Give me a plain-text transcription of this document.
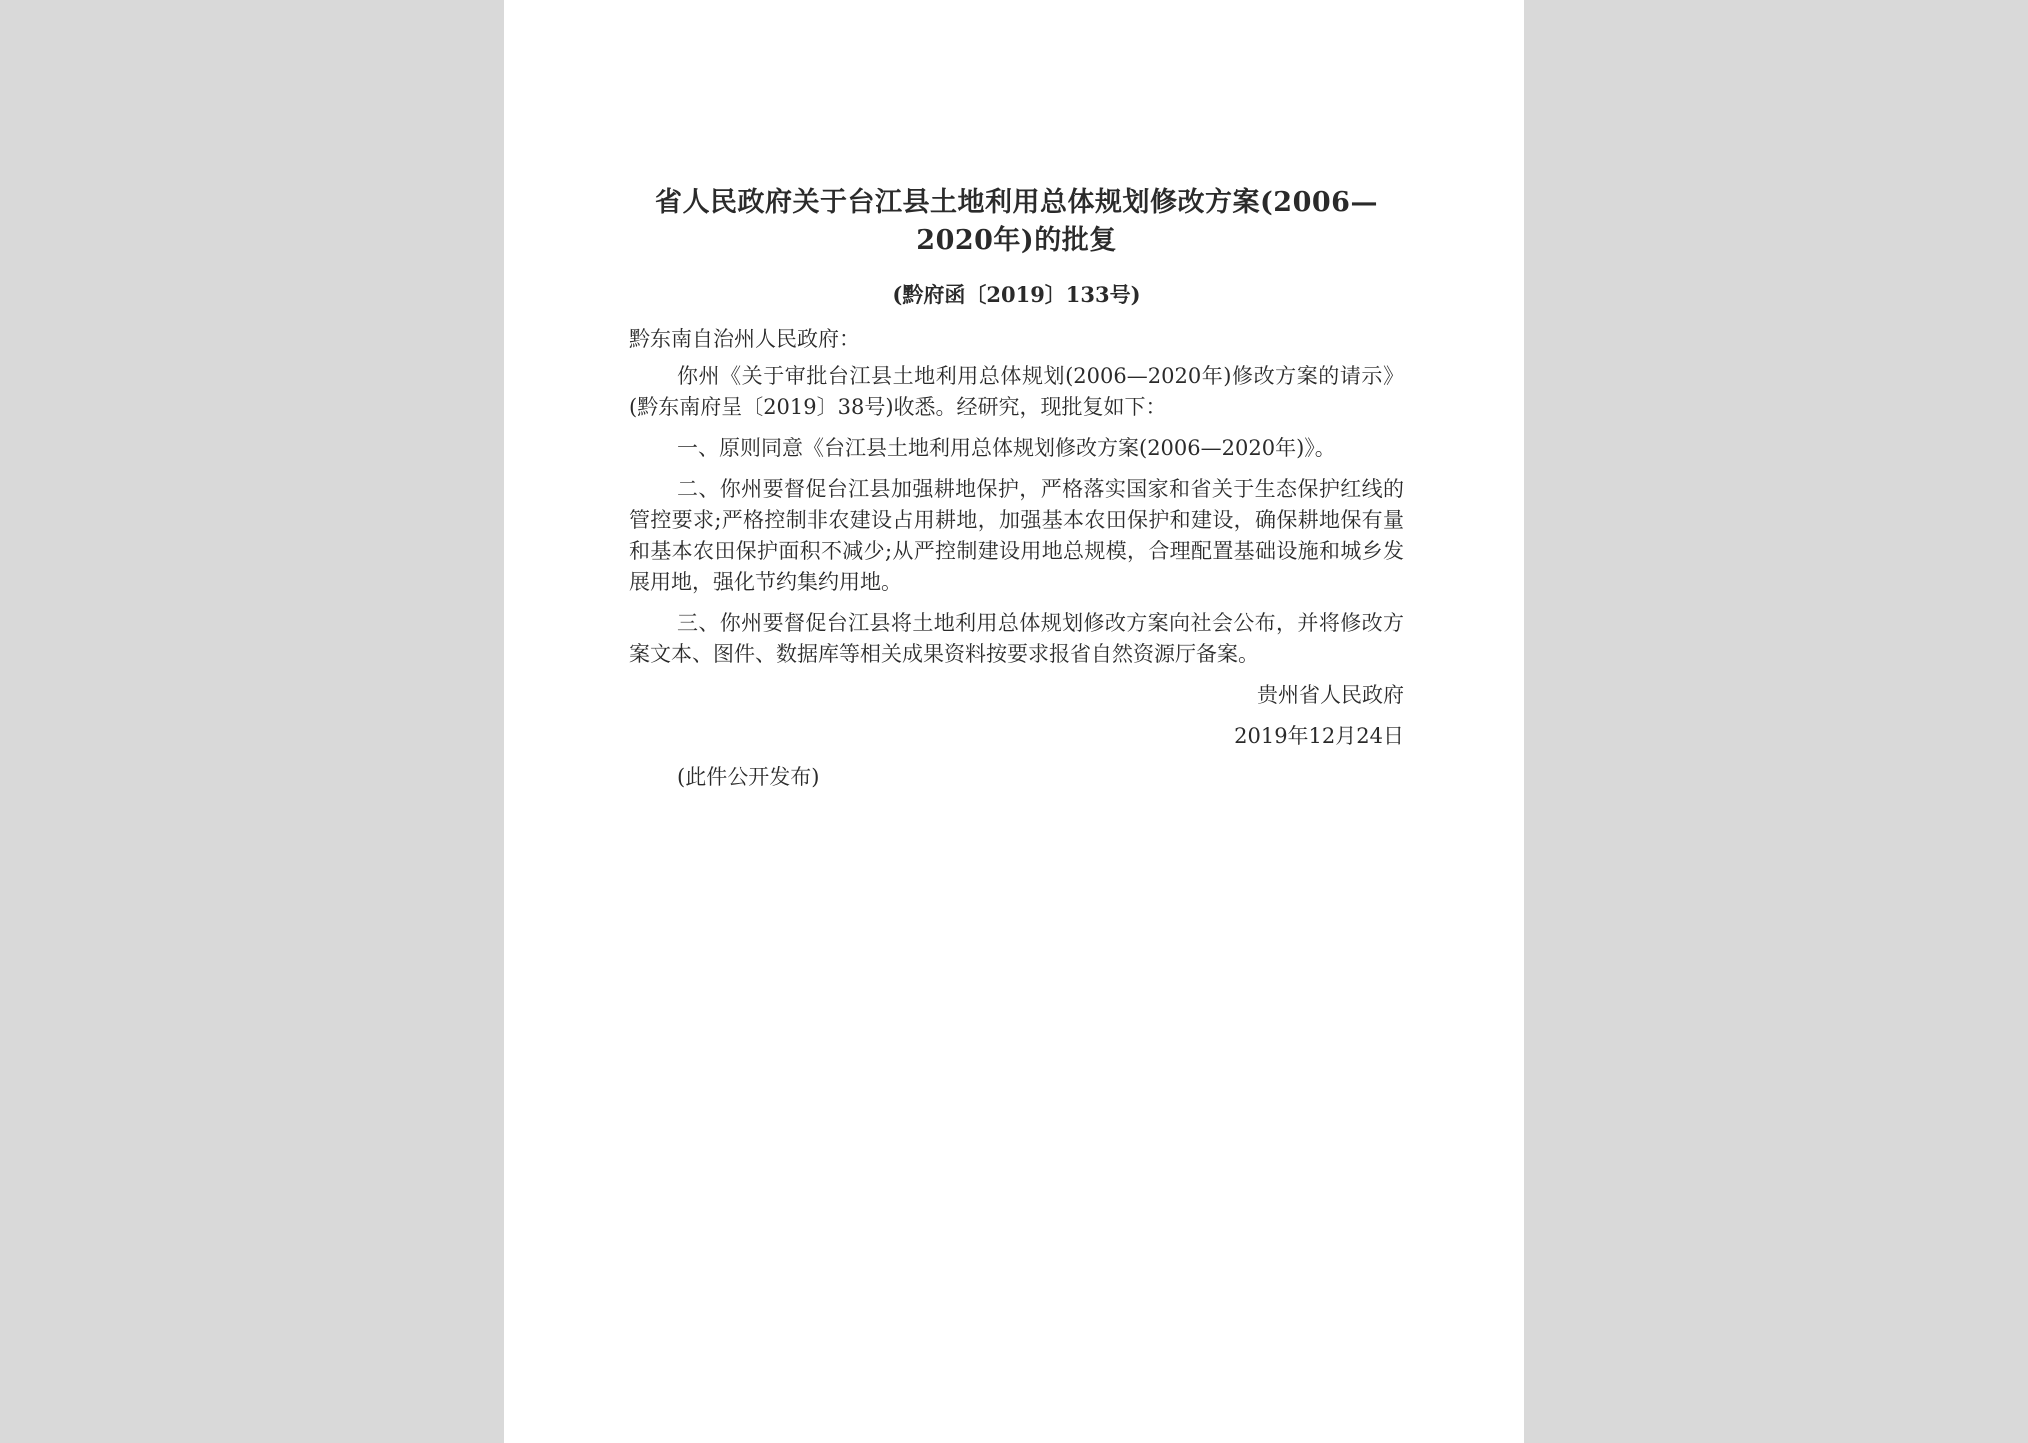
省人民政府关于台江县土地利用总体规划修改方案(2006—2020年)的批复

(黔府函〔2019〕133号)

黔东南自治州人民政府：

你州《关于审批台江县土地利用总体规划(2006—2020年)修改方案的请示》(黔东南府呈〔2019〕38号)收悉。经研究，现批复如下：

一、原则同意《台江县土地利用总体规划修改方案(2006—2020年)》。

二、你州要督促台江县加强耕地保护，严格落实国家和省关于生态保护红线的管控要求;严格控制非农建设占用耕地，加强基本农田保护和建设，确保耕地保有量和基本农田保护面积不减少;从严控制建设用地总规模，合理配置基础设施和城乡发展用地，强化节约集约用地。

三、你州要督促台江县将土地利用总体规划修改方案向社会公布，并将修改方案文本、图件、数据库等相关成果资料按要求报省自然资源厅备案。

贵州省人民政府

2019年12月24日

(此件公开发布)
